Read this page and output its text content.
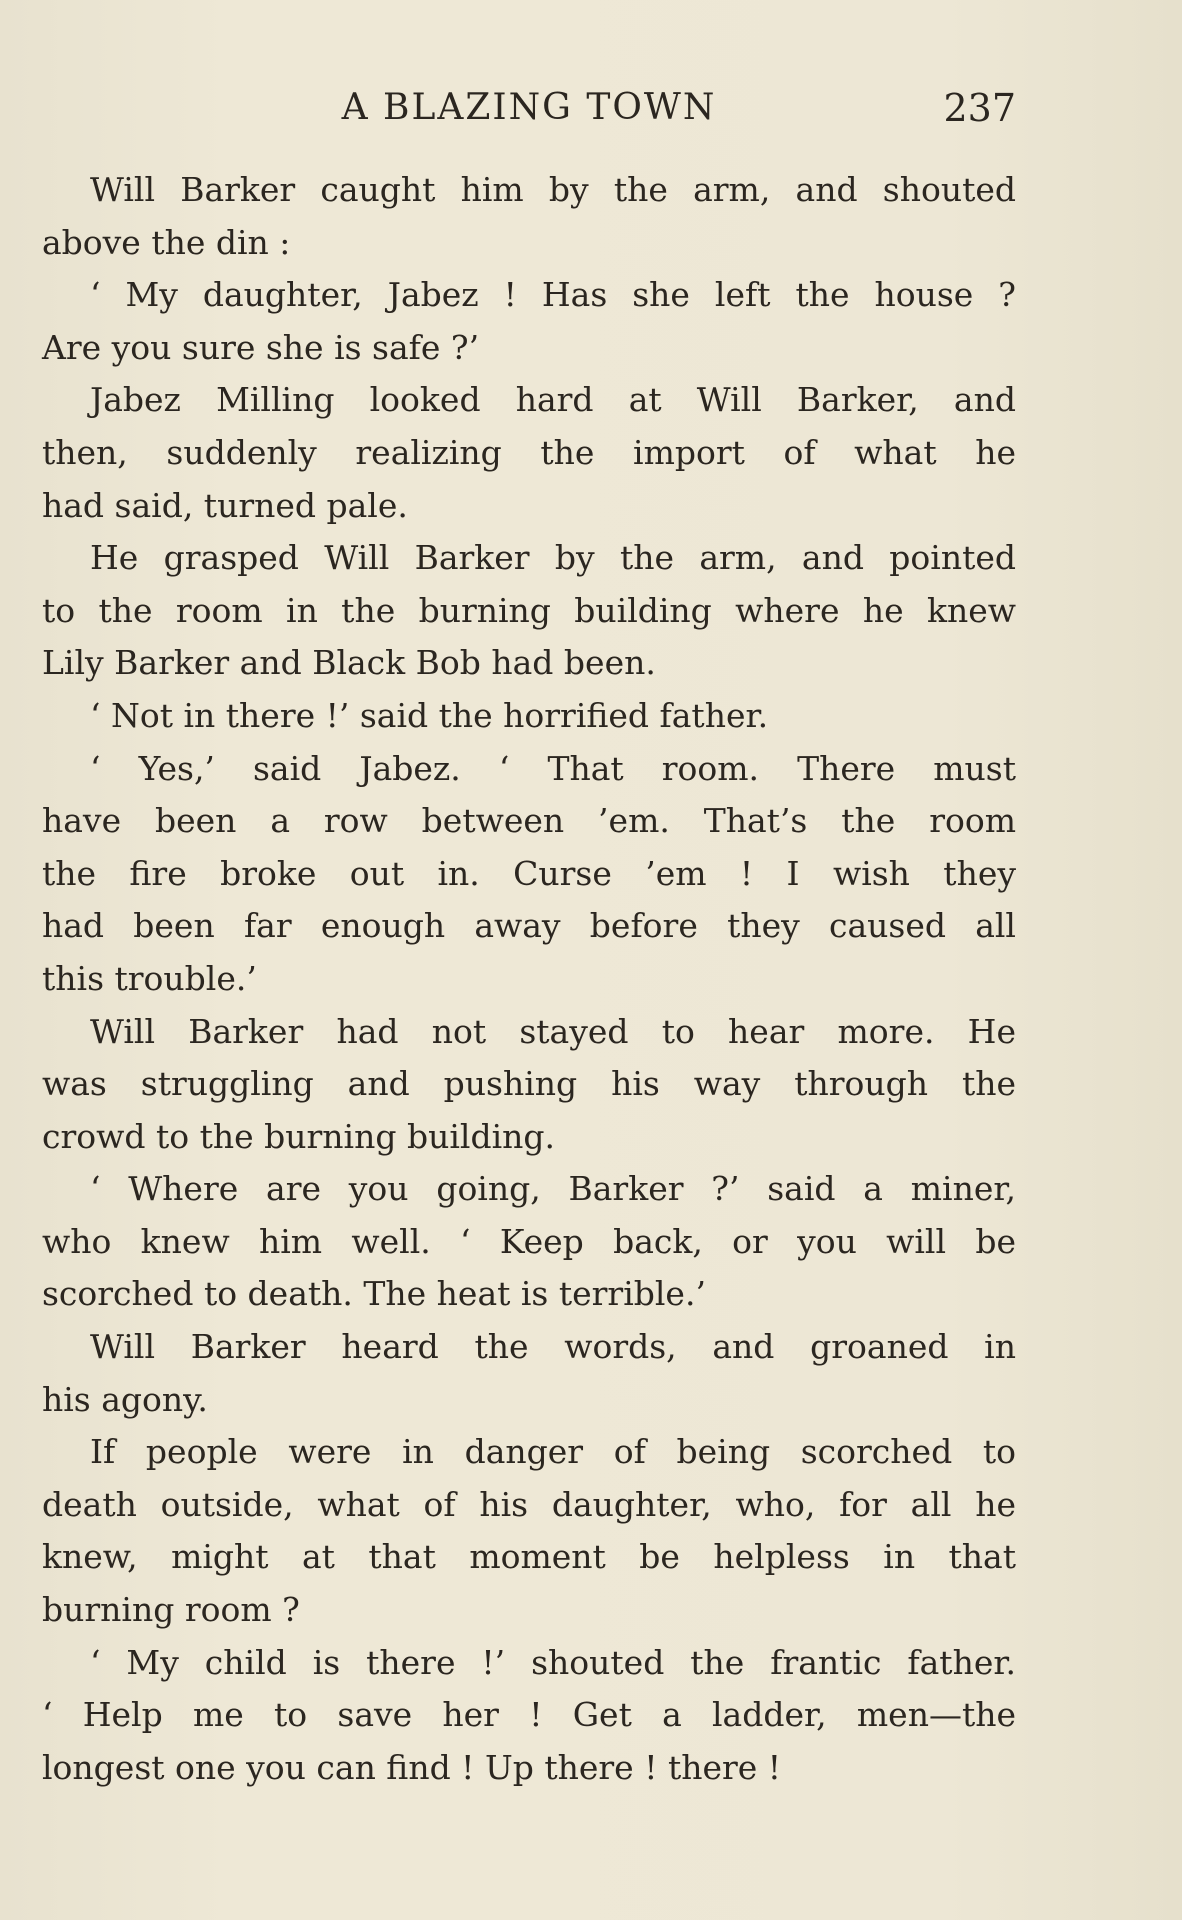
A BLAZING TOWN	237

Will Barker caught him by the arm, and shouted
above the din :

‘ My daughter, Jabez ! Has she left the house ?
Are you sure she is safe ?’

Jabez Milling looked hard at Will Barker, and
then, suddenly realizing the import of what he
had said, turned pale.

He grasped Will Barker by the arm, and pointed
to the room in the burning building where he knew
Lily Barker and Black Bob had been.

‘ Not in there !’ said the horrified father.

‘ Yes,’ said Jabez. ‘ That room. There must
have been a row between ’em. That’s the room
the fire broke out in. Curse ’em ! I wish they
had been far enough away before they caused all
this trouble.’

Will Barker had not stayed to hear more. He
was struggling and pushing his way through the
crowd to the burning building.

‘ Where are you going, Barker ?’ said a miner,
who knew him well. ‘ Keep back, or you will be
scorched to death. The heat is terrible.’

Will Barker heard the words, and groaned in
his agony.

If people were in danger of being scorched to
death outside, what of his daughter, who, for all he
knew, might at that moment be helpless in that
burning room ?

‘ My child is there !’ shouted the frantic father.
‘ Help me to save her ! Get a ladder, men—the
longest one you can find ! Up there ! there !
